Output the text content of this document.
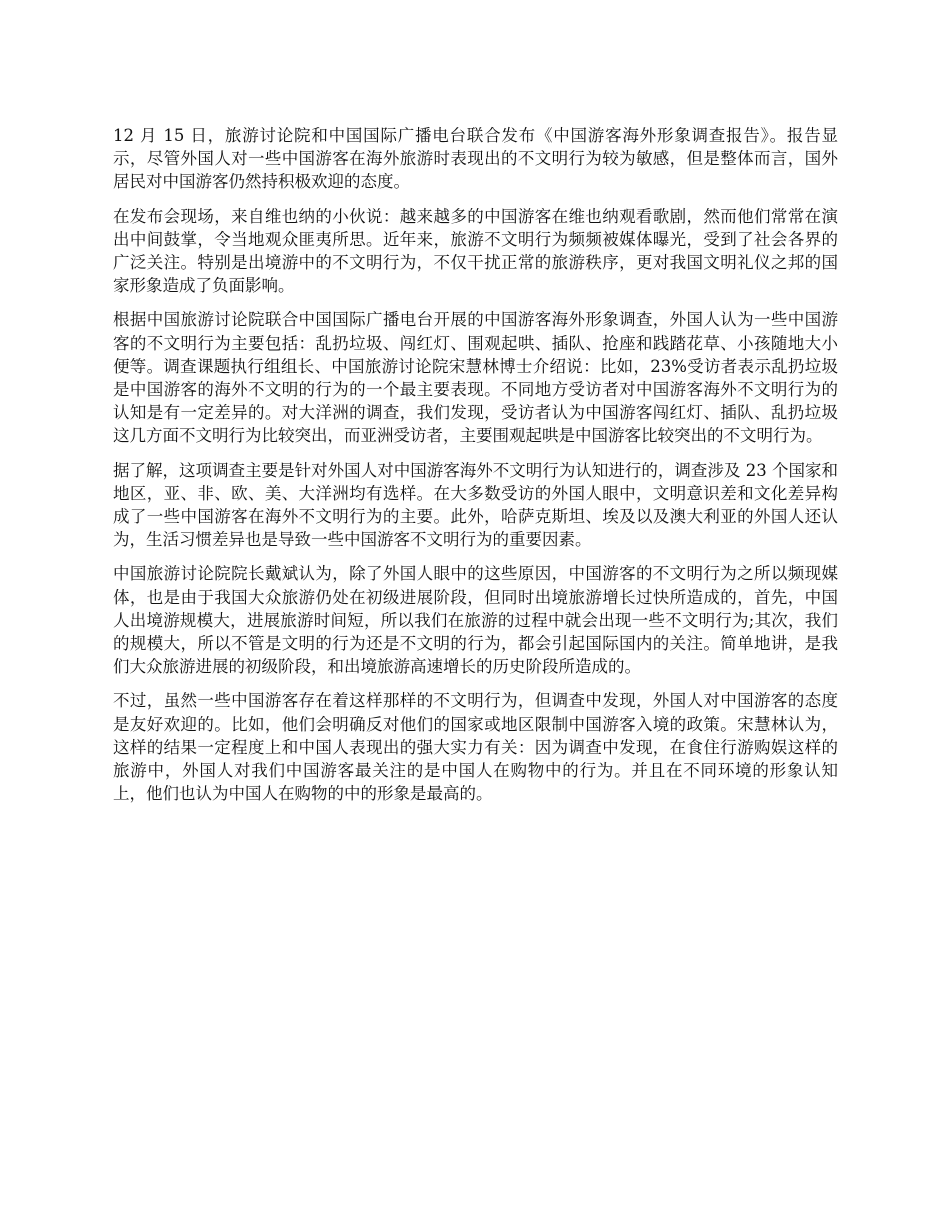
12 月 15 日，旅游讨论院和中国国际广播电台联合发布《中国游客海外形象调查报告》。报告显示，尽管外国人对一些中国游客在海外旅游时表现出的不文明行为较为敏感，但是整体而言，国外居民对中国游客仍然持积极欢迎的态度。

在发布会现场，来自维也纳的小伙说：越来越多的中国游客在维也纳观看歌剧，然而他们常常在演出中间鼓掌，令当地观众匪夷所思。近年来，旅游不文明行为频频被媒体曝光，受到了社会各界的广泛关注。特别是出境游中的不文明行为，不仅干扰正常的旅游秩序，更对我国文明礼仪之邦的国家形象造成了负面影响。

根据中国旅游讨论院联合中国国际广播电台开展的中国游客海外形象调查，外国人认为一些中国游客的不文明行为主要包括：乱扔垃圾、闯红灯、围观起哄、插队、抢座和践踏花草、小孩随地大小便等。调查课题执行组组长、中国旅游讨论院宋慧林博士介绍说：比如，23%受访者表示乱扔垃圾是中国游客的海外不文明的行为的一个最主要表现。不同地方受访者对中国游客海外不文明行为的认知是有一定差异的。对大洋洲的调查，我们发现，受访者认为中国游客闯红灯、插队、乱扔垃圾这几方面不文明行为比较突出，而亚洲受访者，主要围观起哄是中国游客比较突出的不文明行为。

据了解，这项调查主要是针对外国人对中国游客海外不文明行为认知进行的，调查涉及 23 个国家和地区，亚、非、欧、美、大洋洲均有选样。在大多数受访的外国人眼中，文明意识差和文化差异构成了一些中国游客在海外不文明行为的主要。此外，哈萨克斯坦、埃及以及澳大利亚的外国人还认为，生活习惯差异也是导致一些中国游客不文明行为的重要因素。

中国旅游讨论院院长戴斌认为，除了外国人眼中的这些原因，中国游客的不文明行为之所以频现媒体，也是由于我国大众旅游仍处在初级进展阶段，但同时出境旅游增长过快所造成的，首先，中国人出境游规模大，进展旅游时间短，所以我们在旅游的过程中就会出现一些不文明行为;其次，我们的规模大，所以不管是文明的行为还是不文明的行为，都会引起国际国内的关注。简单地讲，是我们大众旅游进展的初级阶段，和出境旅游高速增长的历史阶段所造成的。

不过，虽然一些中国游客存在着这样那样的不文明行为，但调查中发现，外国人对中国游客的态度是友好欢迎的。比如，他们会明确反对他们的国家或地区限制中国游客入境的政策。宋慧林认为，这样的结果一定程度上和中国人表现出的强大实力有关：因为调查中发现，在食住行游购娱这样的旅游中，外国人对我们中国游客最关注的是中国人在购物中的行为。并且在不同环境的形象认知上，他们也认为中国人在购物的中的形象是最高的。
